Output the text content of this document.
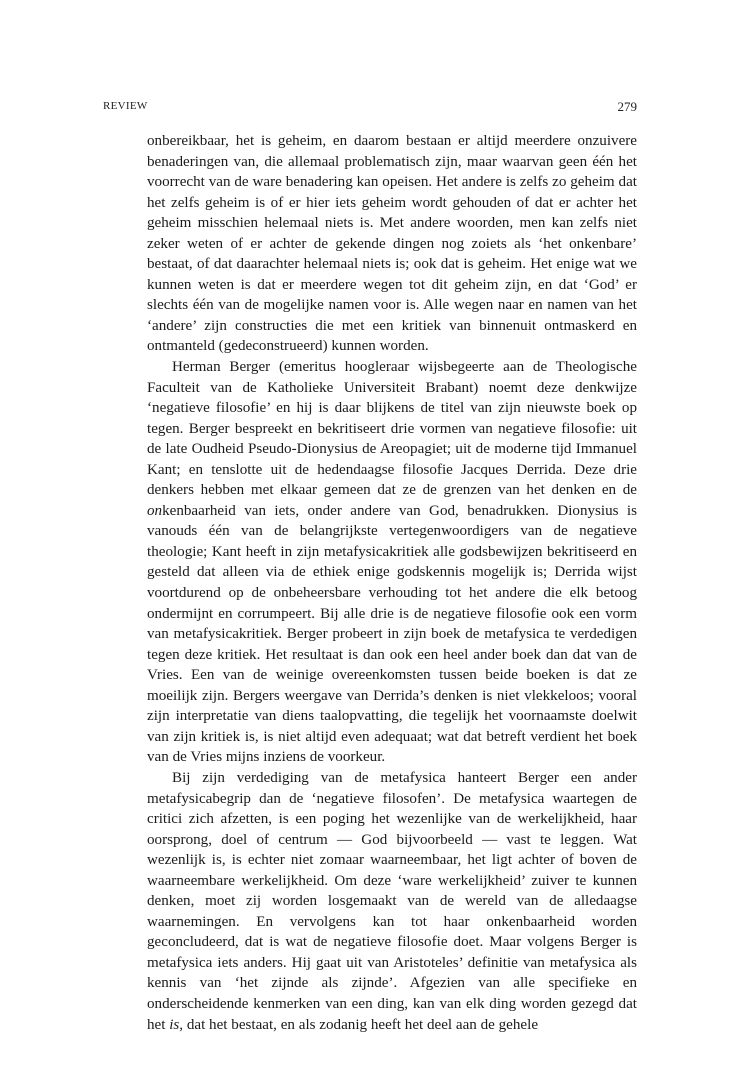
REVIEW	279

onbereikbaar, het is geheim, en daarom bestaan er altijd meerdere onzuivere benaderingen van, die allemaal problematisch zijn, maar waarvan geen één het voorrecht van de ware benadering kan opeisen. Het andere is zelfs zo geheim dat het zelfs geheim is of er hier iets geheim wordt gehouden of dat er achter het geheim misschien helemaal niets is. Met andere woorden, men kan zelfs niet zeker weten of er achter de gekende dingen nog zoiets als ‘het onkenbare’ bestaat, of dat daarachter helemaal niets is; ook dat is geheim. Het enige wat we kunnen weten is dat er meerdere wegen tot dit geheim zijn, en dat ‘God’ er slechts één van de mogelijke namen voor is. Alle wegen naar en namen van het ‘andere’ zijn constructies die met een kritiek van binnenuit ontmaskerd en ontmanteld (gedeconstrueerd) kunnen worden.

Herman Berger (emeritus hoogleraar wijsbegeerte aan de Theologische Faculteit van de Katholieke Universiteit Brabant) noemt deze denkwijze ‘negatieve filosofie’ en hij is daar blijkens de titel van zijn nieuwste boek op tegen. Berger bespreekt en bekritiseert drie vormen van negatieve filosofie: uit de late Oudheid Pseudo-Dionysius de Areopagiet; uit de moderne tijd Immanuel Kant; en tenslotte uit de hedendaagse filosofie Jacques Derrida. Deze drie denkers hebben met elkaar gemeen dat ze de grenzen van het denken en de onkenbaarheid van iets, onder andere van God, benadrukken. Dionysius is vanouds één van de belangrijkste vertegenwoordigers van de negatieve theologie; Kant heeft in zijn metafysicakritiek alle godsbewijzen bekritiseerd en gesteld dat alleen via de ethiek enige godskennis mogelijk is; Derrida wijst voortdurend op de onbeheersbare verhouding tot het andere die elk betoog ondermijnt en corrumpeert. Bij alle drie is de negatieve filosofie ook een vorm van metafysicakritiek. Berger probeert in zijn boek de metafysica te verdedigen tegen deze kritiek. Het resultaat is dan ook een heel ander boek dan dat van de Vries. Een van de weinige overeenkomsten tussen beide boeken is dat ze moeilijk zijn. Bergers weergave van Derrida’s denken is niet vlekkeloos; vooral zijn interpretatie van diens taalopvatting, die tegelijk het voornaamste doelwit van zijn kritiek is, is niet altijd even adequaat; wat dat betreft verdient het boek van de Vries mijns inziens de voorkeur.

Bij zijn verdediging van de metafysica hanteert Berger een ander metafysicabegrip dan de ‘negatieve filosofen’. De metafysica waartegen de critici zich afzetten, is een poging het wezenlijke van de werkelijkheid, haar oorsprong, doel of centrum — God bijvoorbeeld — vast te leggen. Wat wezenlijk is, is echter niet zomaar waarneembaar, het ligt achter of boven de waarneembare werkelijkheid. Om deze ‘ware werkelijkheid’ zuiver te kunnen denken, moet zij worden losgemaakt van de wereld van de alledaagse waarnemingen. En vervolgens kan tot haar onkenbaarheid worden geconcludeerd, dat is wat de negatieve filosofie doet. Maar volgens Berger is metafysica iets anders. Hij gaat uit van Aristoteles’ definitie van metafysica als kennis van ‘het zijnde als zijnde’. Afgezien van alle specifieke en onderscheidende kenmerken van een ding, kan van elk ding worden gezegd dat het is, dat het bestaat, en als zodanig heeft het deel aan de gehele
